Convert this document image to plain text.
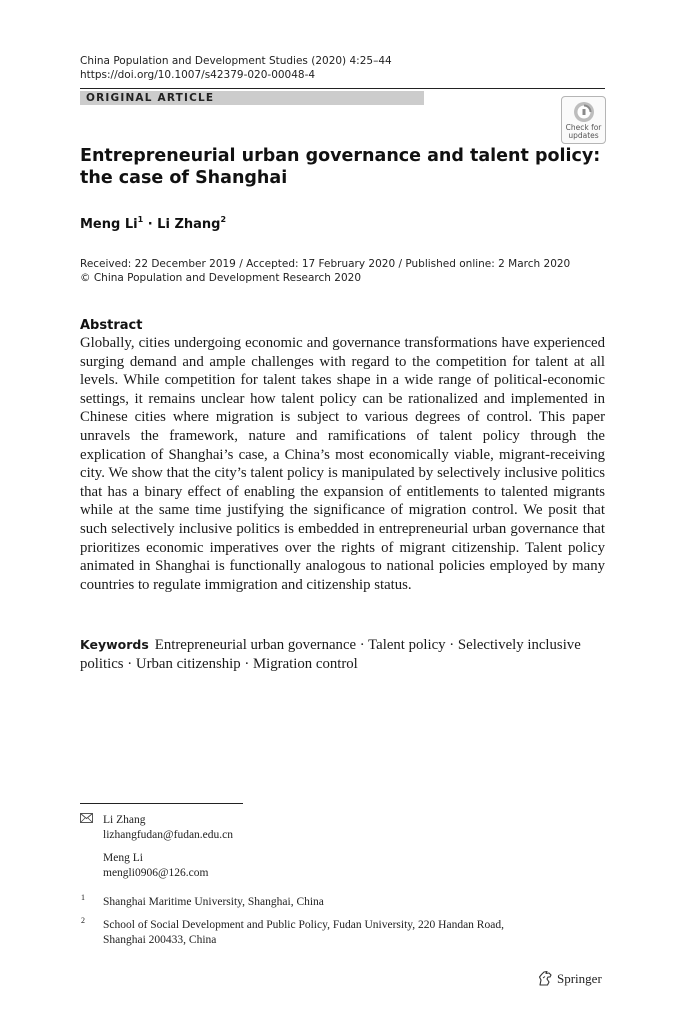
China Population and Development Studies (2020) 4:25–44
https://doi.org/10.1007/s42379-020-00048-4
ORIGINAL ARTICLE
Check for
updates
Entrepreneurial urban governance and talent policy:
the case of Shanghai
Meng $Li^1 \cdot Li$ Zhang$^2$
Received: 22 December 2019 / Accepted: 17 February 2020 / Published online: 2 March 2020
© China Population and Development Research 2020
Abstract
Globally, cities undergoing economic and governance transformations have experienced surging demand and ample challenges with regard to the competition for talent at all levels. While competition for talent takes shape in a wide range of political-economic settings, it remains unclear how talent policy can be rationalized and implemented in Chinese cities where migration is subject to various degrees of control. This paper unravels the framework, nature and ramifications of talent policy through the explication of Shanghai’s case, a China’s most economically viable, migrant-receiving city. We show that the city’s talent policy is manipulated by selectively inclusive politics that has a binary effect of enabling the expansion of entitlements to talented migrants while at the same time justifying the significance of migration control. We posit that such selectively inclusive politics is embedded in entrepreneurial urban governance that prioritizes economic imperatives over the rights of migrant citizenship. Talent policy animated in Shanghai is functionally analogous to national policies employed by many countries to regulate immigration and citizenship status.
Keywords Entrepreneurial urban governance · Talent policy · Selectively inclusive politics · Urban citizenship · Migration control
Li Zhang
lizhangfudan@fudan.edu.cn
Meng Li
mengli0906@126.com
1 Shanghai Maritime University, Shanghai, China
2 School of Social Development and Public Policy, Fudan University, 220 Handan Road,
Shanghai 200433, China
Springer
